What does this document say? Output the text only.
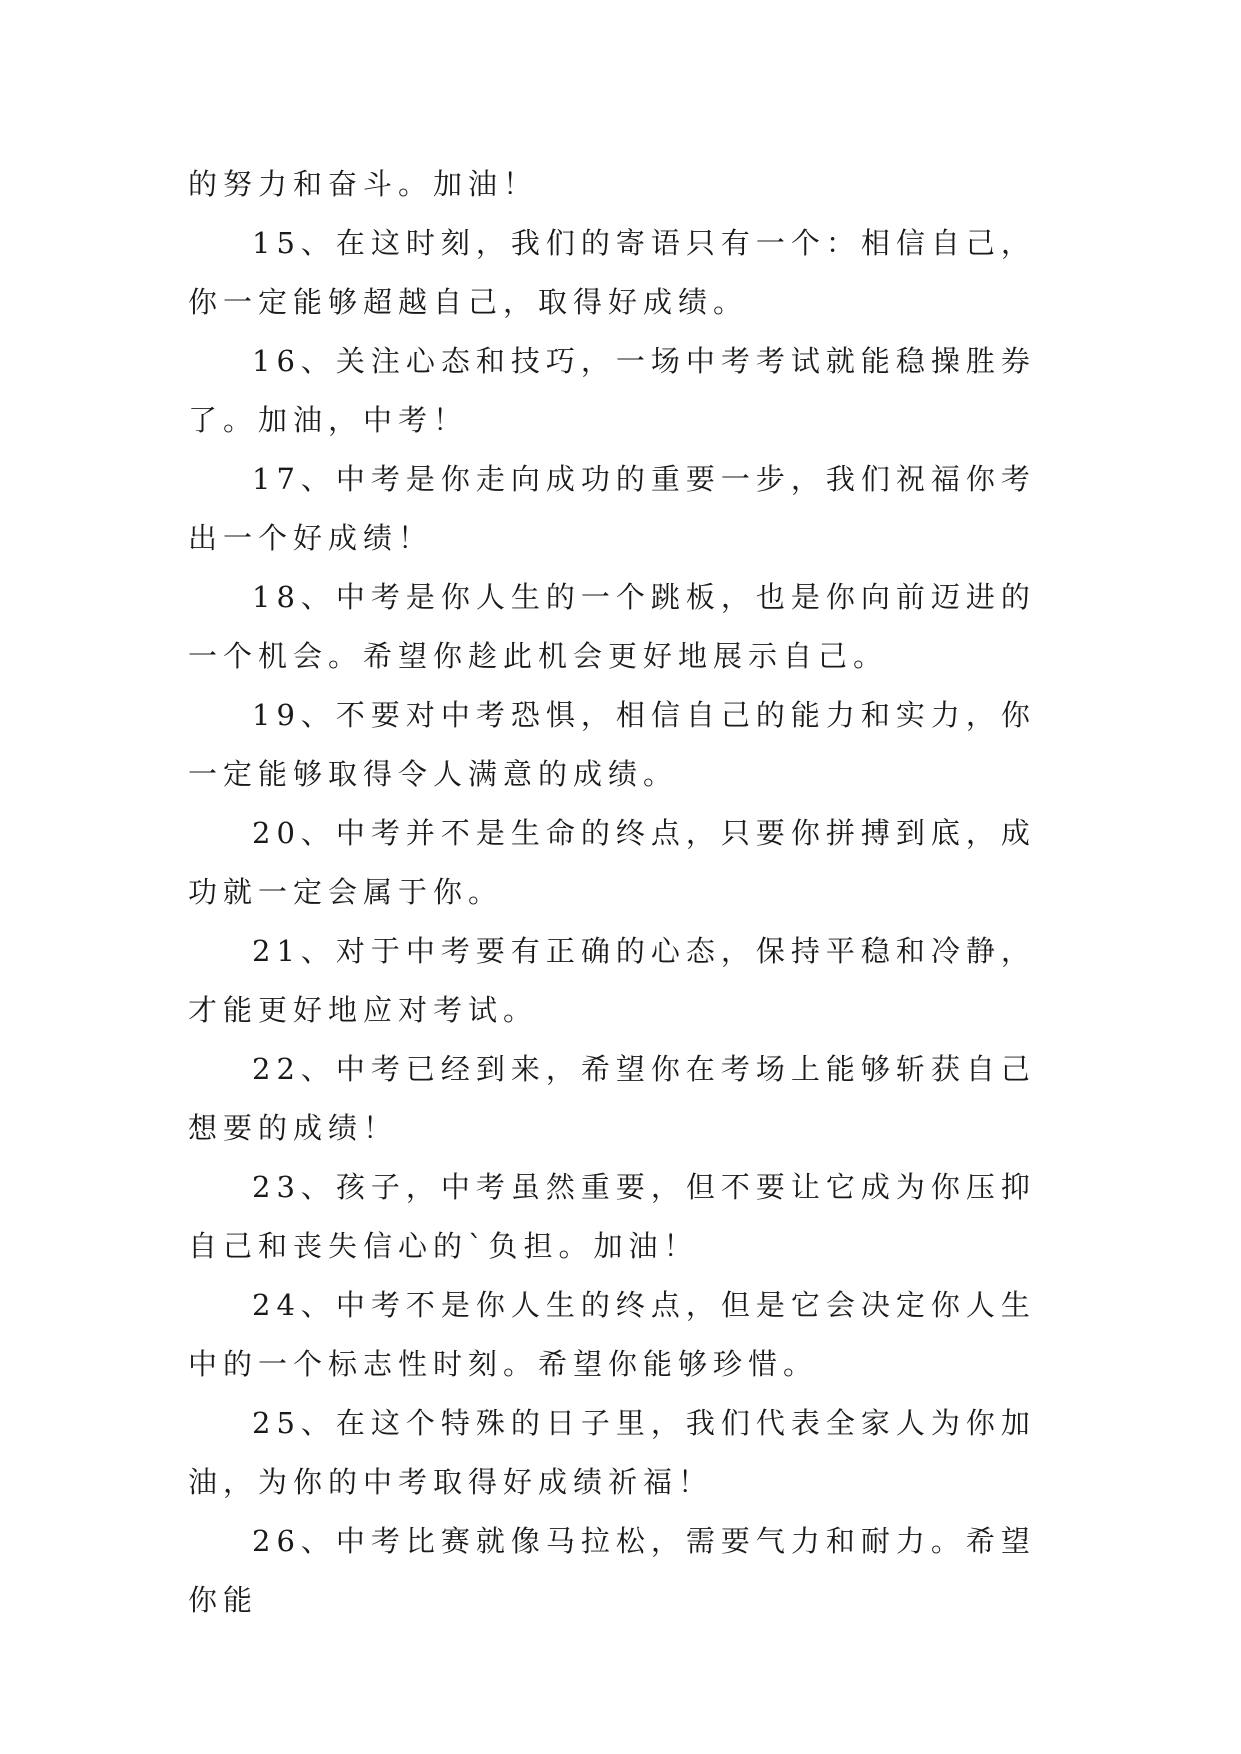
的努力和奋斗。加油！

15、在这时刻，我们的寄语只有一个：相信自己，你一定能够超越自己，取得好成绩。

16、关注心态和技巧，一场中考考试就能稳操胜券了。加油，中考！

17、中考是你走向成功的重要一步，我们祝福你考出一个好成绩！

18、中考是你人生的一个跳板，也是你向前迈进的一个机会。希望你趁此机会更好地展示自己。

19、不要对中考恐惧，相信自己的能力和实力，你一定能够取得令人满意的成绩。

20、中考并不是生命的终点，只要你拼搏到底，成功就一定会属于你。

21、对于中考要有正确的心态，保持平稳和冷静，才能更好地应对考试。

22、中考已经到来，希望你在考场上能够斩获自己想要的成绩！

23、孩子，中考虽然重要，但不要让它成为你压抑自己和丧失信心的`负担。加油！

24、中考不是你人生的终点，但是它会决定你人生中的一个标志性时刻。希望你能够珍惜。

25、在这个特殊的日子里，我们代表全家人为你加油，为你的中考取得好成绩祈福！

26、中考比赛就像马拉松，需要气力和耐力。希望你能
